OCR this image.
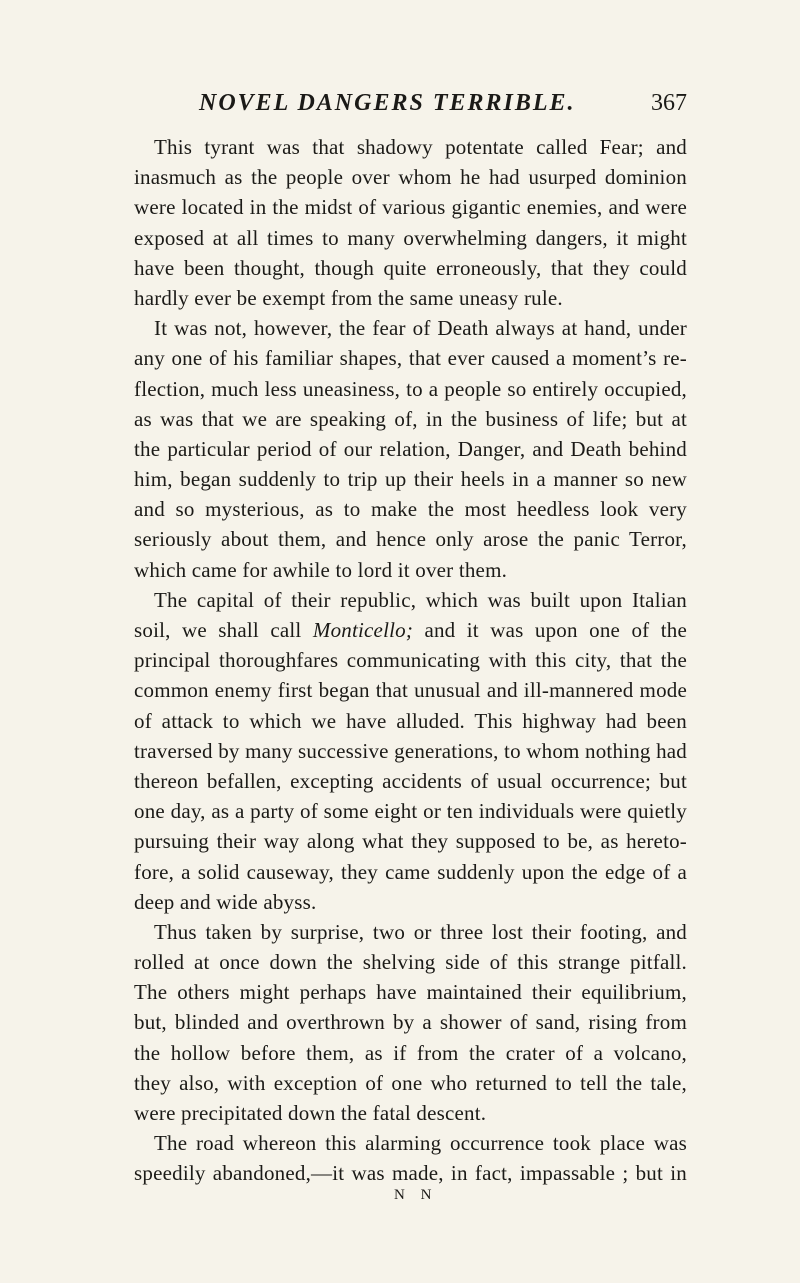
NOVEL DANGERS TERRIBLE.	367
This tyrant was that shadowy potentate called Fear; and
inasmuch as the people over whom he had usurped dominion
were located in the midst of various gigantic enemies, and were
exposed at all times to many overwhelming dangers, it might
have been thought, though quite erroneously, that they could
hardly ever be exempt from the same uneasy rule.
It was not, however, the fear of Death always at hand, under
any one of his familiar shapes, that ever caused a moment’s re-
flection, much less uneasiness, to a people so entirely occupied,
as was that we are speaking of, in the business of life; but at
the particular period of our relation, Danger, and Death behind
him, began suddenly to trip up their heels in a manner so new
and so mysterious, as to make the most heedless look very
seriously about them, and hence only arose the panic Terror,
which came for awhile to lord it over them.
The capital of their republic, which was built upon Italian
soil, we shall call Monticello; and it was upon one of the
principal thoroughfares communicating with this city, that the
common enemy first began that unusual and ill-mannered mode
of attack to which we have alluded. This highway had been
traversed by many successive generations, to whom nothing had
thereon befallen, excepting accidents of usual occurrence; but
one day, as a party of some eight or ten individuals were quietly
pursuing their way along what they supposed to be, as hereto-
fore, a solid causeway, they came suddenly upon the edge of a
deep and wide abyss.
Thus taken by surprise, two or three lost their footing, and
rolled at once down the shelving side of this strange pitfall.
The others might perhaps have maintained their equilibrium,
but, blinded and overthrown by a shower of sand, rising from
the hollow before them, as if from the crater of a volcano,
they also, with exception of one who returned to tell the tale,
were precipitated down the fatal descent.
The road whereon this alarming occurrence took place was
speedily abandoned,—it was made, in fact, impassable ; but in
N N
